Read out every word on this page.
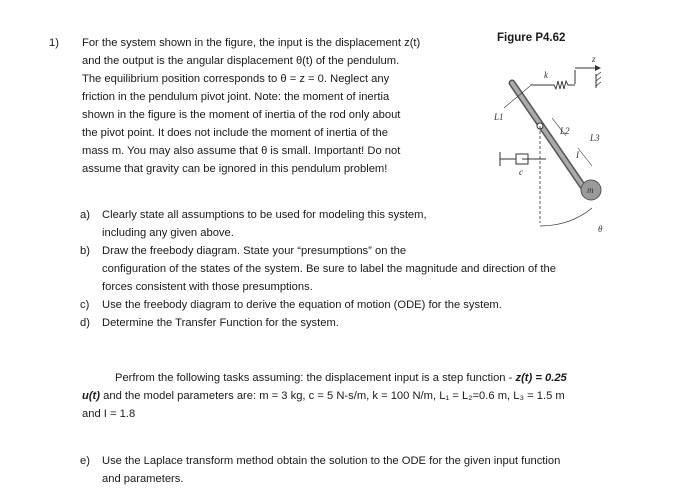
1) For the system shown in the figure, the input is the displacement z(t)

and the output is the angular displacement θ(t) of the pendulum.

The equilibrium position corresponds to θ = z = 0. Neglect any

friction in the pendulum pivot joint. Note: the moment of inertia

shown in the figure is the moment of inertia of the rod only about

the pivot point. It does not include the moment of inertia of the

mass m. You may also assume that θ is small. Important! Do not

assume that gravity can be ignored in this pendulum problem!

Figure P4.62
k
z
L1
L2
L3
I
c
m
θ
a)	Clearly state all assumptions to be used for modeling this system,
including any given above.
b)	Draw the freebody diagram. State your “presumptions” on the
configuration of the states of the system. Be sure to label the magnitude and direction of the
forces consistent with those presumptions.
c)	Use the freebody diagram to derive the equation of motion (ODE) for the system.
d)	Determine the Transfer Function for the system.
Perfrom the following tasks assuming: the displacement input is a step function - z(t) = 0.25
u(t) and the model parameters are: m = 3 kg, c = 5 N-s/m, k = 100 N/m, L₁ = L₂=0.6 m, L₃ = 1.5 m
and I = 1.8
e)	Use the Laplace transform method obtain the solution to the ODE for the given input function
and parameters.
